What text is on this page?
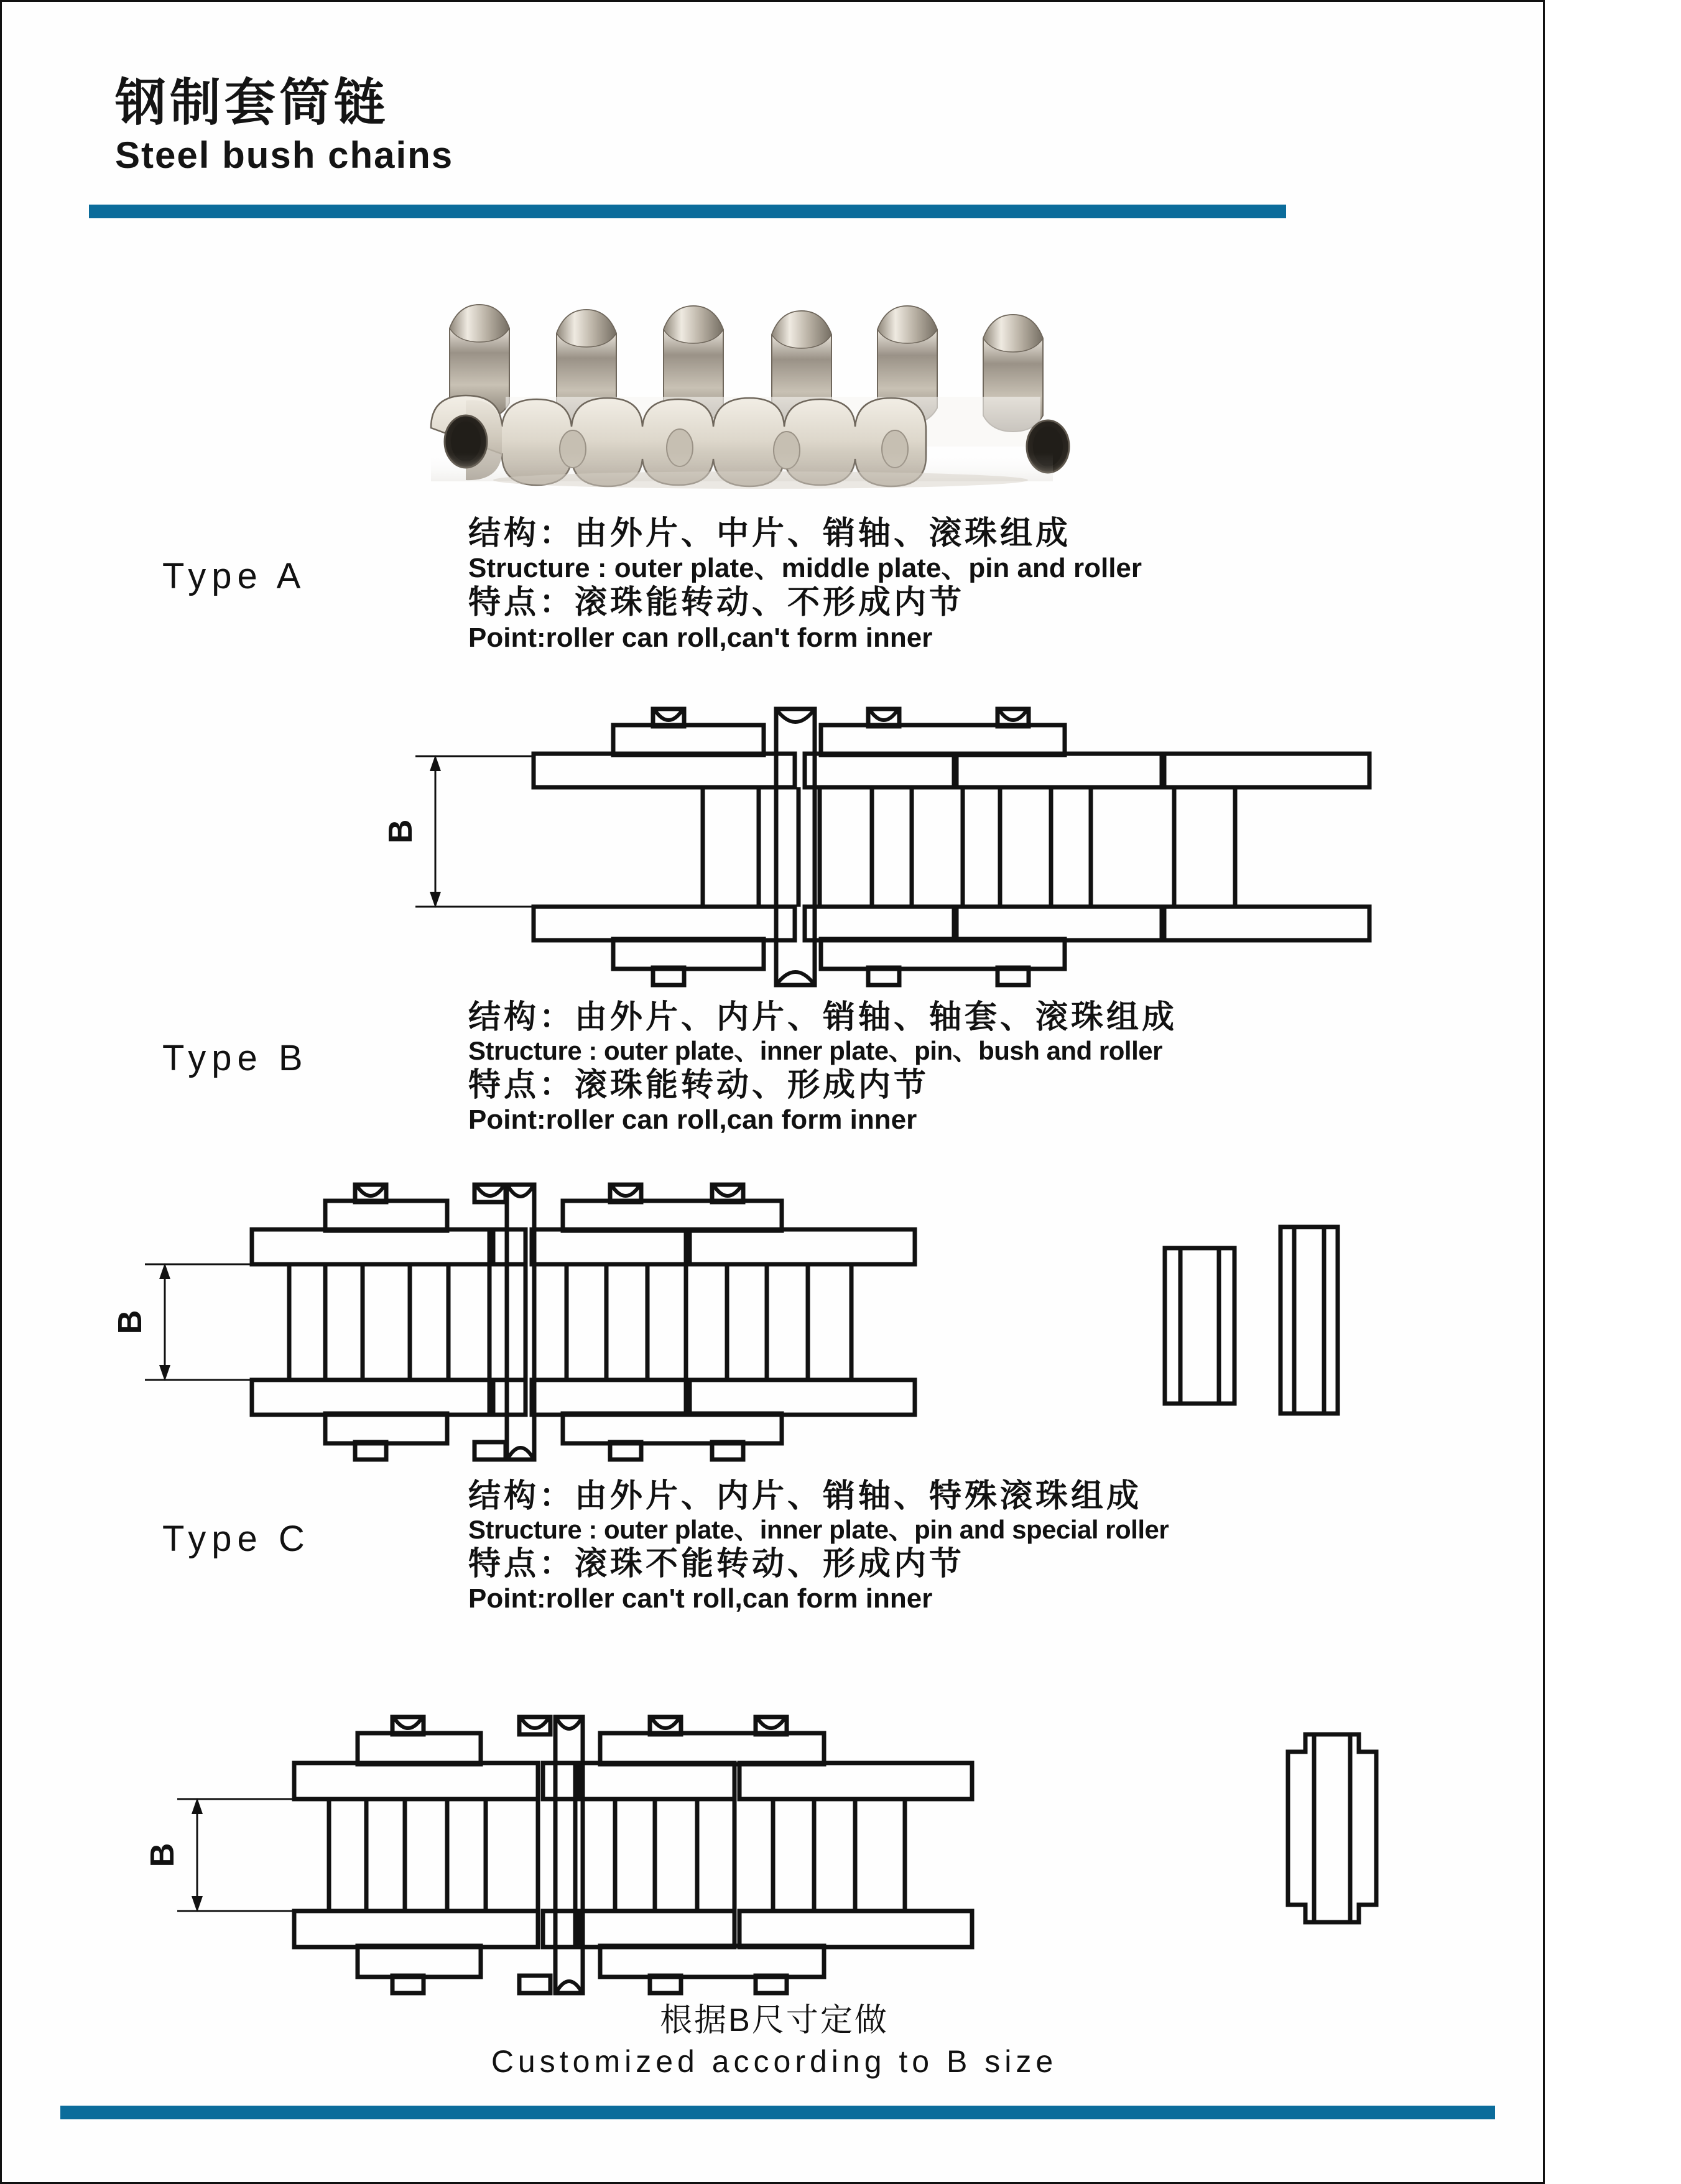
钢制套筒链
Steel bush chains
Type A
结构：由外片、中片、销轴、滚珠组成
Structure : outer plate、middle plate、pin and roller
特点：滚珠能转动、不形成内节
Point:roller can roll,can't form inner
B
Type B
结构：由外片、内片、销轴、轴套、滚珠组成
Structure : outer plate、inner plate、pin、bush and roller
特点：滚珠能转动、形成内节
Point:roller can roll,can form inner
B
Type C
结构：由外片、内片、销轴、特殊滚珠组成
Structure : outer plate、inner plate、pin and special roller
特点：滚珠不能转动、形成内节
Point:roller can't roll,can form inner
B
根据B尺寸定做
Customized according to B size
